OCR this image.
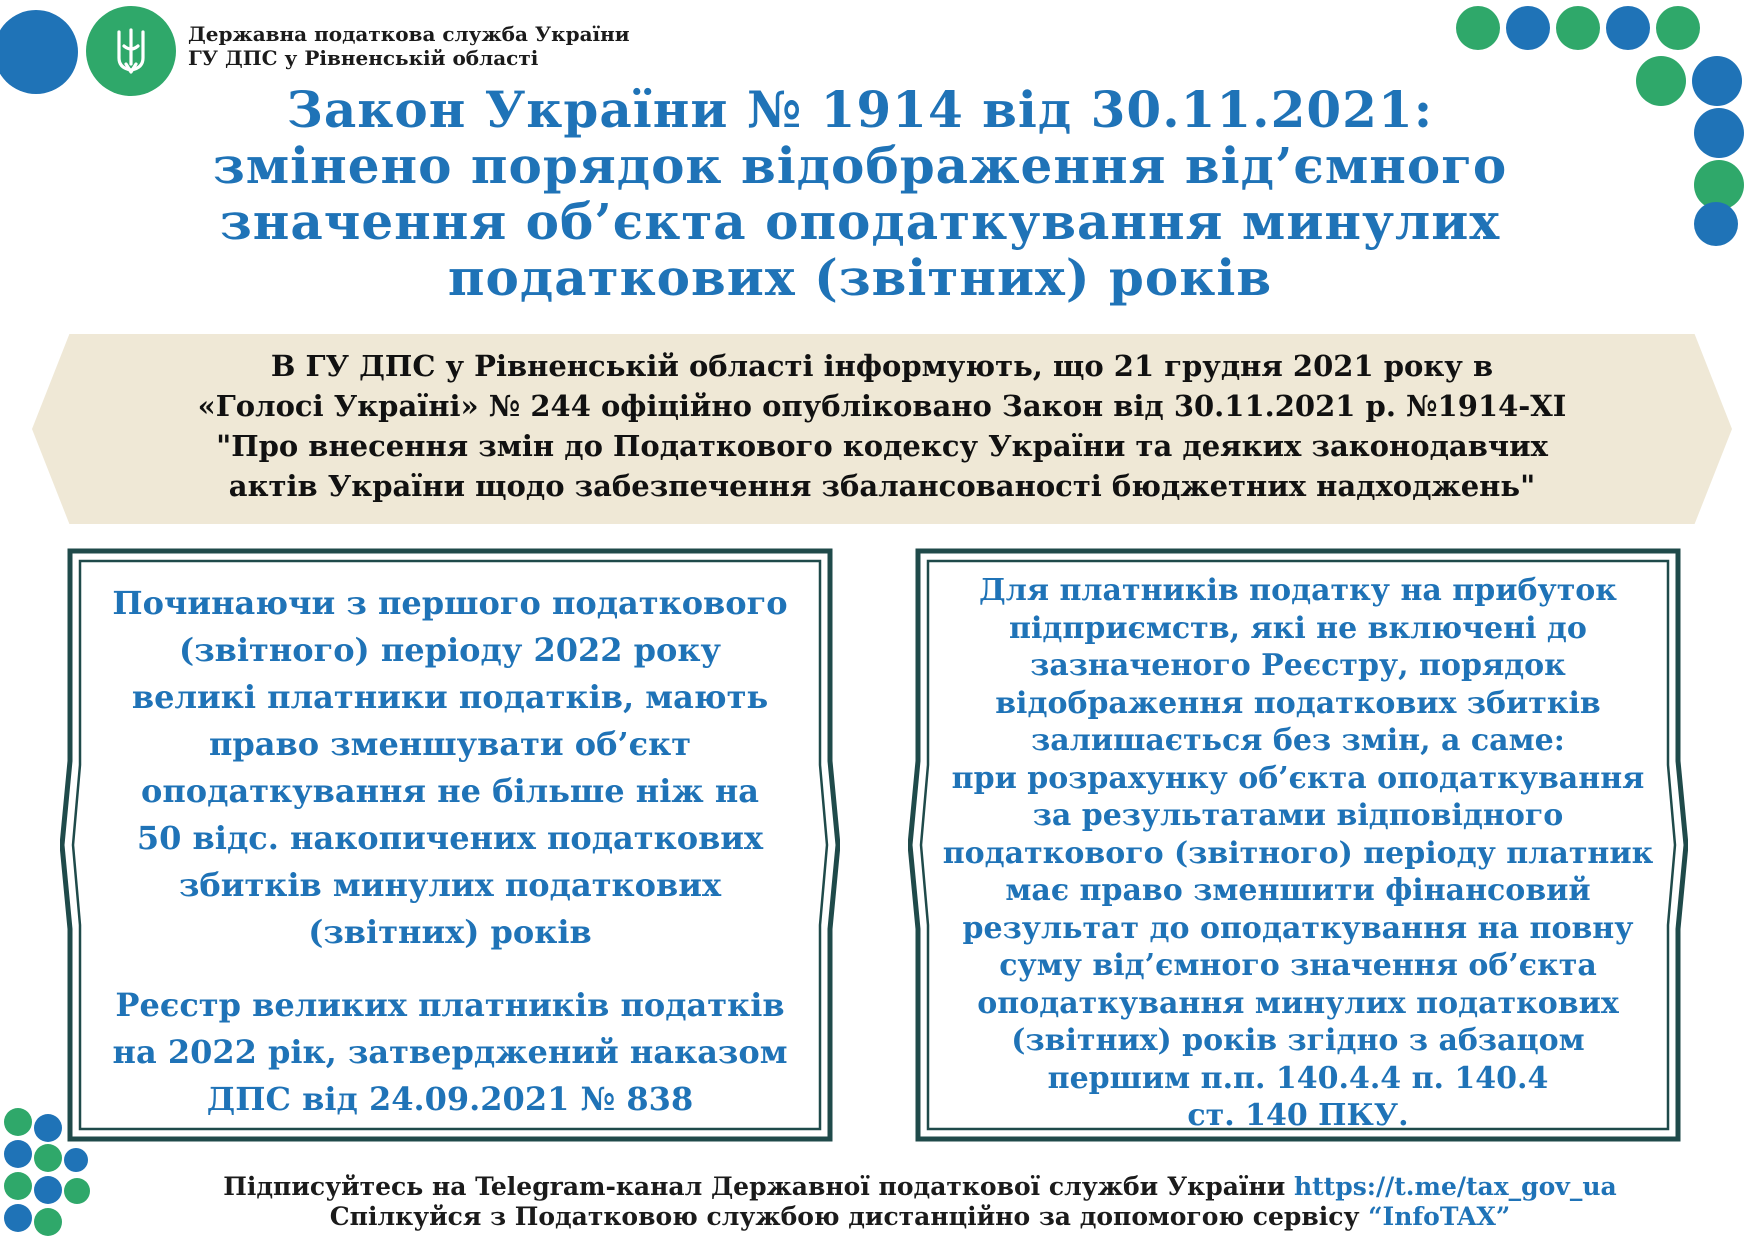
Державна податкова служба України
ГУ ДПС у Рівненській області
Закон України № 1914 від 30.11.2021:
змінено порядок відображення від’ємного
значення об’єкта оподаткування минулих
податкових (звітних) років
В ГУ ДПС у Рівненській області інформують, що 21 грудня 2021 року в
«Голосі Україні» № 244 офіційно опубліковано Закон від 30.11.2021 р. №1914-ХІ
"Про внесення змін до Податкового кодексу України та деяких законодавчих
актів України щодо забезпечення збалансованості бюджетних надходжень"
Починаючи з першого податкового
(звітного) періоду 2022 року
великі платники податків, мають
право зменшувати об’єкт
оподаткування не більше ніж на
50 відс. накопичених податкових
збитків минулих податкових
(звітних) років
Реєстр великих платників податків
на 2022 рік, затверджений наказом
ДПС від 24.09.2021 № 838
Для платників податку на прибуток
підприємств, які не включені до
зазначеного Реєстру, порядок
відображення податкових збитків
залишається без змін, а саме:
при розрахунку об’єкта оподаткування
за результатами відповідного
податкового (звітного) періоду платник
має право зменшити фінансовий
результат до оподаткування на повну
суму від’ємного значення об’єкта
оподаткування минулих податкових
(звітних) років згідно з абзацом
першим п.п. 140.4.4 п. 140.4
ст. 140 ПКУ.
Підписуйтесь на Telegram-канал Державної податкової служби України https://t.me/tax_gov_ua
Спілкуйся з Податковою службою дистанційно за допомогою сервісу “InfoTAX”
